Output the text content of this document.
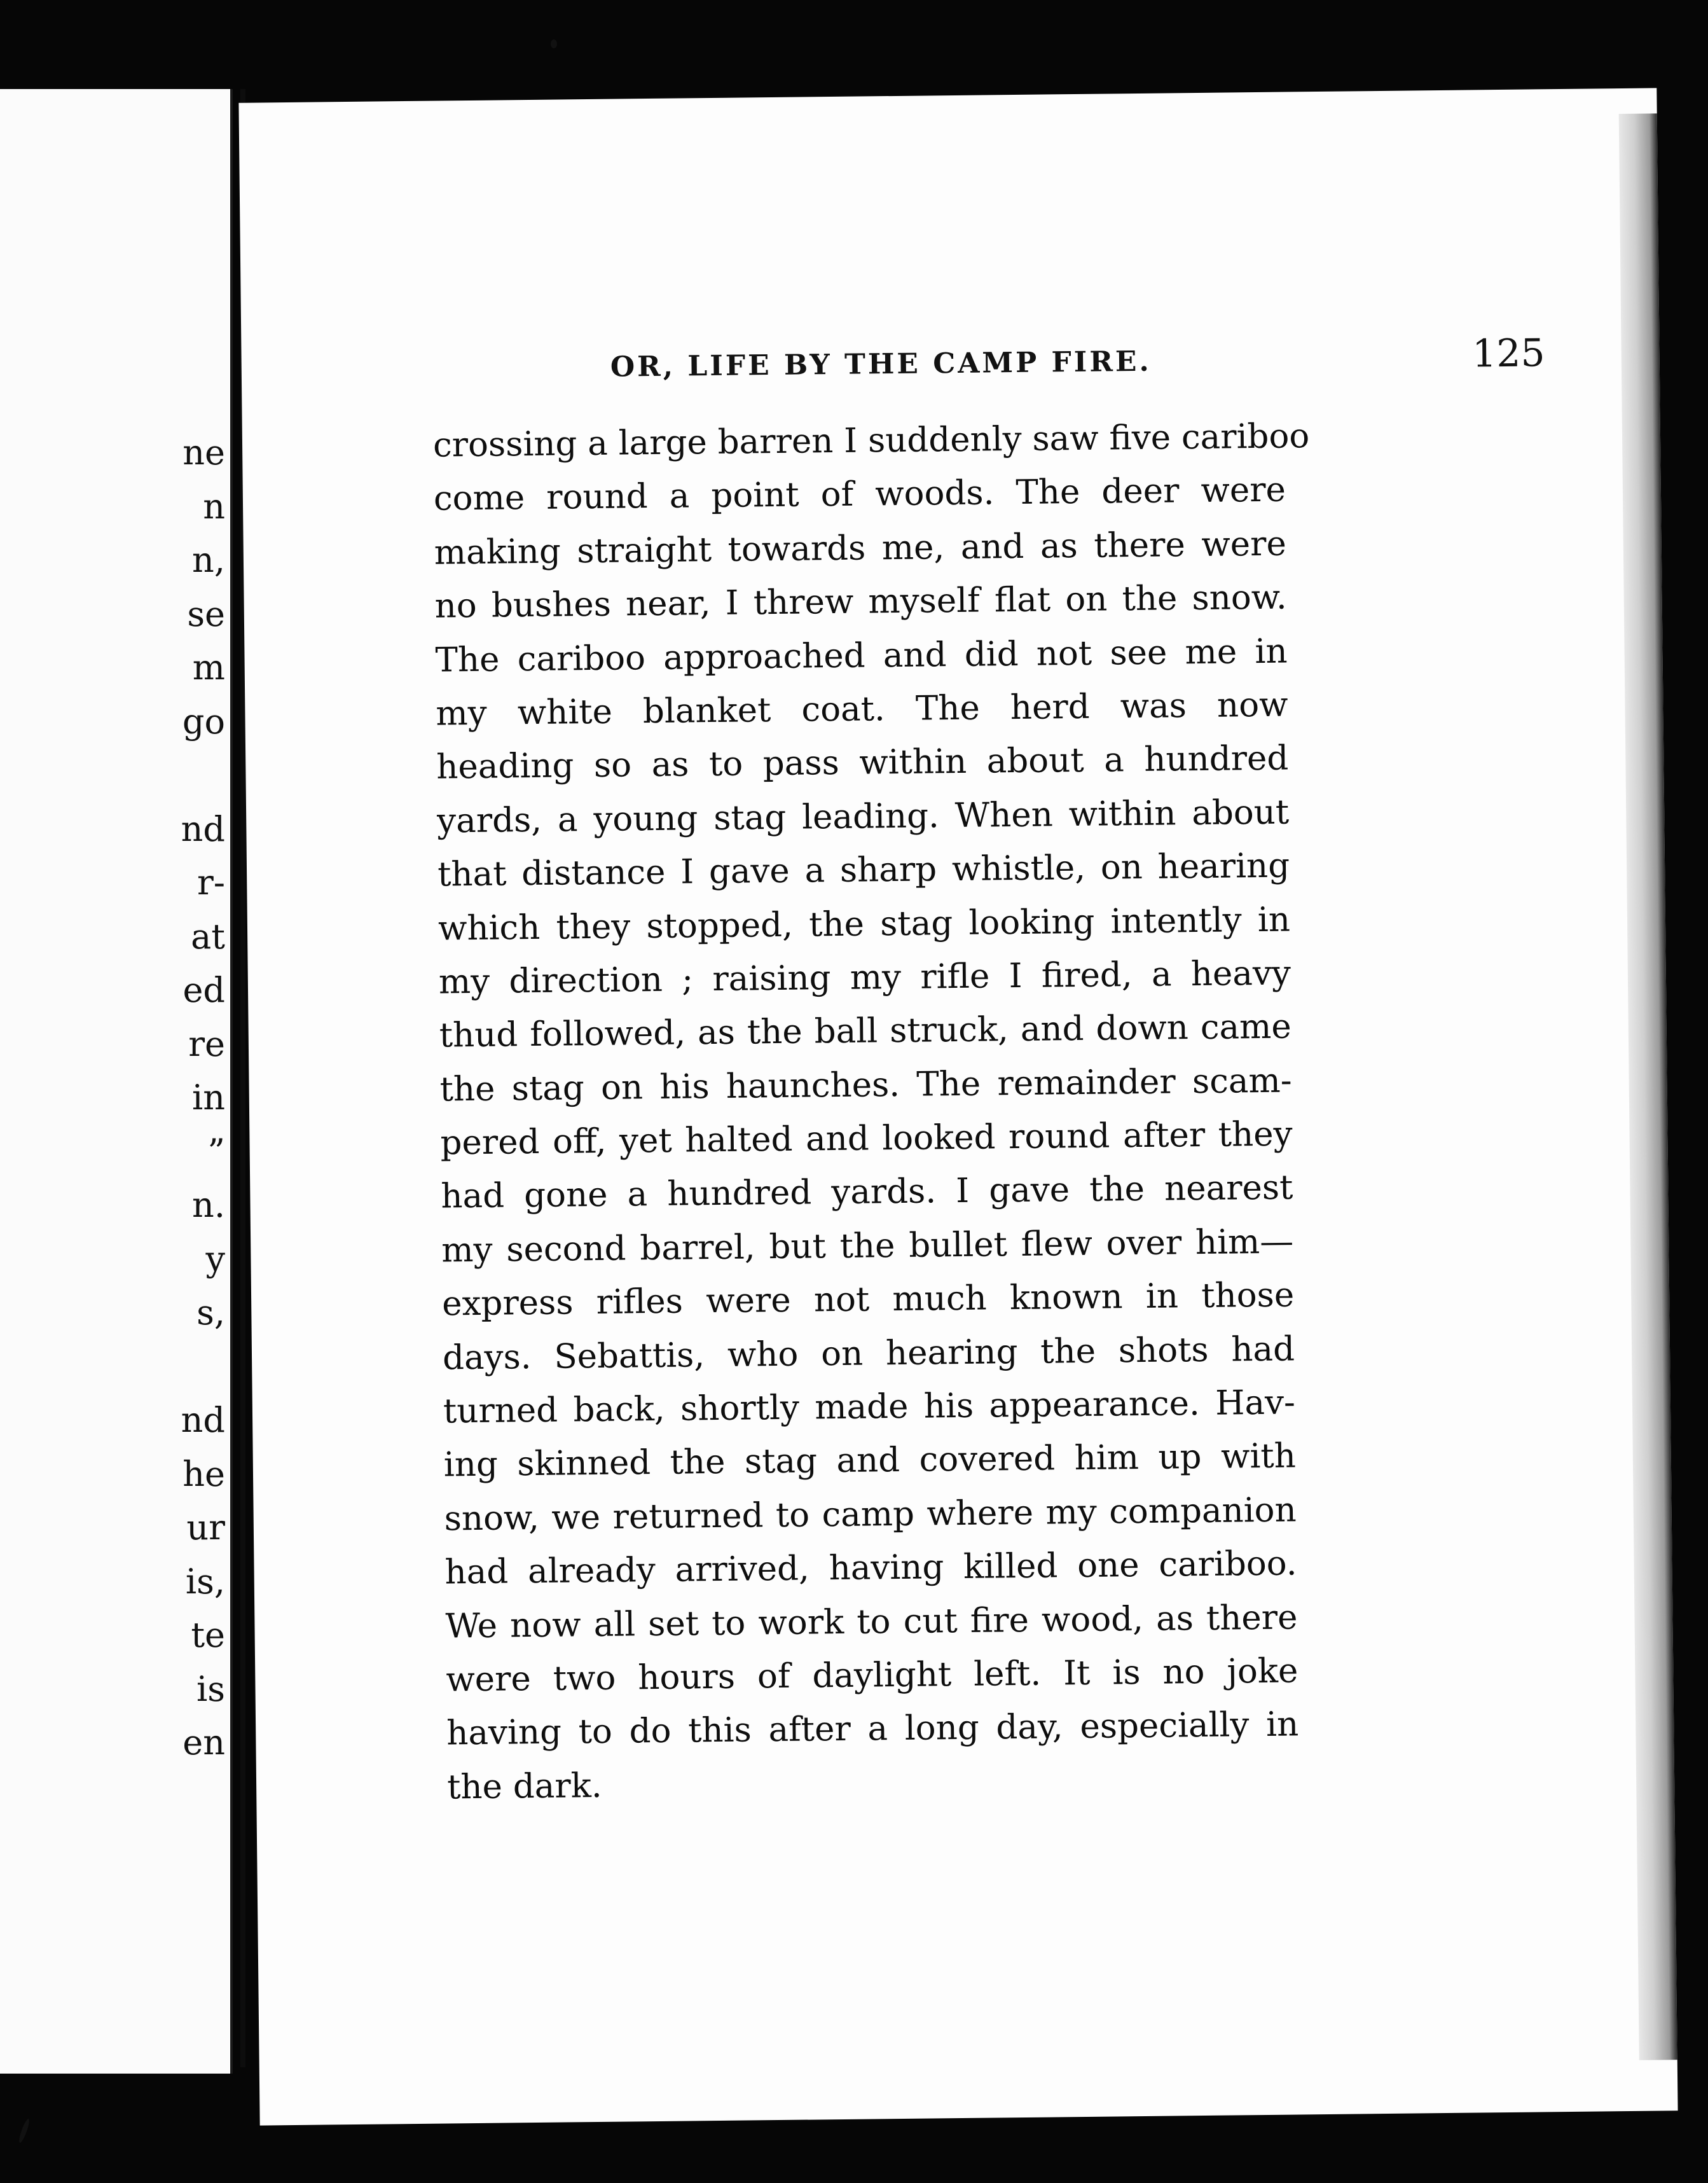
ne
n
n,
se
m
go
nd
r-
at
ed
re
in
”
n.
y
s,
nd
he
ur
is,
te
is
en
OR, LIFE BY THE CAMP FIRE.	125
crossing a large barren I suddenly saw five cariboo
come round a point of woods. The deer were
making straight towards me, and as there were
no bushes near, I threw myself flat on the snow.
The cariboo approached and did not see me in
my white blanket coat. The herd was now
heading so as to pass within about a hundred
yards, a young stag leading. When within about
that distance I gave a sharp whistle, on hearing
which they stopped, the stag looking intently in
my direction ; raising my rifle I fired, a heavy
thud followed, as the ball struck, and down came
the stag on his haunches. The remainder scam-
pered off, yet halted and looked round after they
had gone a hundred yards. I gave the nearest
my second barrel, but the bullet flew over him—
express rifles were not much known in those
days. Sebattis, who on hearing the shots had
turned back, shortly made his appearance. Hav-
ing skinned the stag and covered him up with
snow, we returned to camp where my companion
had already arrived, having killed one cariboo.
We now all set to work to cut fire wood, as there
were two hours of daylight left. It is no joke
having to do this after a long day, especially in
the dark.
